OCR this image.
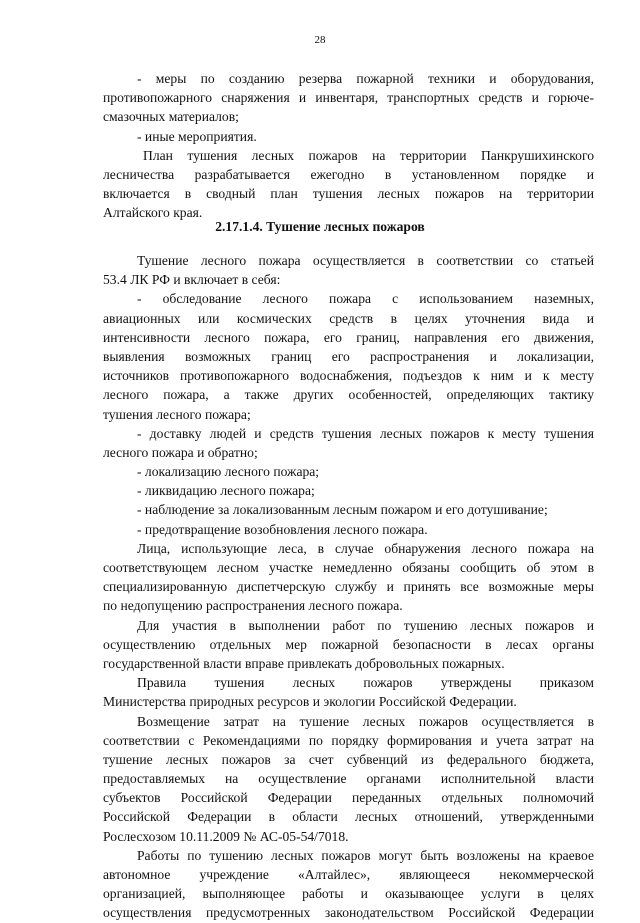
28
- меры по созданию резерва пожарной техники и оборудования,
противопожарного снаряжения и инвентаря, транспортных средств и горюче-
смазочных материалов;
- иные мероприятия.
План тушения лесных пожаров на территории Панкрушихинского
лесничества разрабатывается ежегодно в установленном порядке и
включается в сводный план тушения лесных пожаров на территории
Алтайского края.
2.17.1.4. Тушение лесных пожаров
Тушение лесного пожара осуществляется в соответствии со статьей
53.4 ЛК РФ и включает в себя:
- обследование лесного пожара с использованием наземных,
авиационных или космических средств в целях уточнения вида и
интенсивности лесного пожара, его границ, направления его движения,
выявления возможных границ его распространения и локализации,
источников противопожарного водоснабжения, подъездов к ним и к месту
лесного пожара, а также других особенностей, определяющих тактику
тушения лесного пожара;
- доставку людей и средств тушения лесных пожаров к месту тушения
лесного пожара и обратно;
- локализацию лесного пожара;
- ликвидацию лесного пожара;
- наблюдение за локализованным лесным пожаром и его дотушивание;
- предотвращение возобновления лесного пожара.
Лица, использующие леса, в случае обнаружения лесного пожара на
соответствующем лесном участке немедленно обязаны сообщить об этом в
специализированную диспетчерскую службу и принять все возможные меры
по недопущению распространения лесного пожара.
Для участия в выполнении работ по тушению лесных пожаров и
осуществлению отдельных мер пожарной безопасности в лесах органы
государственной власти вправе привлекать добровольных пожарных.
Правила тушения лесных пожаров утверждены приказом
Министерства природных ресурсов и экологии Российской Федерации.
Возмещение затрат на тушение лесных пожаров осуществляется в
соответствии с Рекомендациями по порядку формирования и учета затрат на
тушение лесных пожаров за счет субвенций из федерального бюджета,
предоставляемых на осуществление органами исполнительной власти
субъектов Российской Федерации переданных отдельных полномочий
Российской Федерации в области лесных отношений, утвержденными
Рослесхозом 10.11.2009 № АС-05-54/7018.
Работы по тушению лесных пожаров могут быть возложены на краевое
автономное учреждение «Алтайлес», являющееся некоммерческой
организацией, выполняющее работы и оказывающее услуги в целях
осуществления предусмотренных законодательством Российской Федерации
